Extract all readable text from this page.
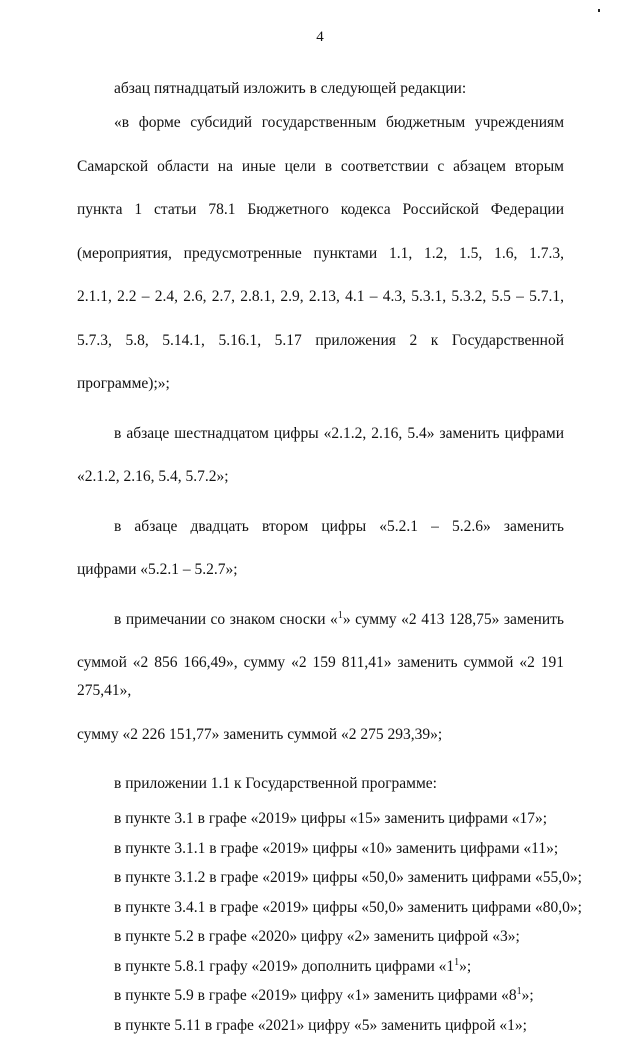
4

абзац пятнадцатый изложить в следующей редакции:

«в форме субсидий государственным бюджетным учреждениям

Самарской области на иные цели в соответствии с абзацем вторым

пункта 1 статьи 78.1 Бюджетного кодекса Российской Федерации

(мероприятия, предусмотренные пунктами 1.1, 1.2, 1.5, 1.6, 1.7.3,

2.1.1, 2.2 – 2.4, 2.6, 2.7, 2.8.1, 2.9, 2.13, 4.1 – 4.3, 5.3.1, 5.3.2, 5.5 – 5.7.1,

5.7.3, 5.8, 5.14.1, 5.16.1, 5.17 приложения 2 к Государственной

программе);»;

в абзаце шестнадцатом цифры «2.1.2, 2.16, 5.4» заменить цифрами

«2.1.2, 2.16, 5.4, 5.7.2»;

в абзаце двадцать втором цифры «5.2.1 – 5.2.6» заменить

цифрами «5.2.1 – 5.2.7»;

в примечании со знаком сноски «$^1$» сумму «2 413 128,75» заменить

суммой «2 856 166,49», сумму «2 159 811,41» заменить суммой «2 191 275,41»,

сумму «2 226 151,77» заменить суммой «2 275 293,39»;

в приложении 1.1 к Государственной программе:

в пункте 3.1 в графе «2019» цифры «15» заменить цифрами «17»;

в пункте 3.1.1 в графе «2019» цифры «10» заменить цифрами «11»;

в пункте 3.1.2 в графе «2019» цифры «50,0» заменить цифрами «55,0»;

в пункте 3.4.1 в графе «2019» цифры «50,0» заменить цифрами «80,0»;

в пункте 5.2 в графе «2020» цифру «2» заменить цифрой «3»;

в пункте 5.8.1 графу «2019» дополнить цифрами «$1^1$»;

в пункте 5.9 в графе «2019» цифру «1» заменить цифрами «$8^1$»;

в пункте 5.11 в графе «2021» цифру «5» заменить цифрой «1»;
